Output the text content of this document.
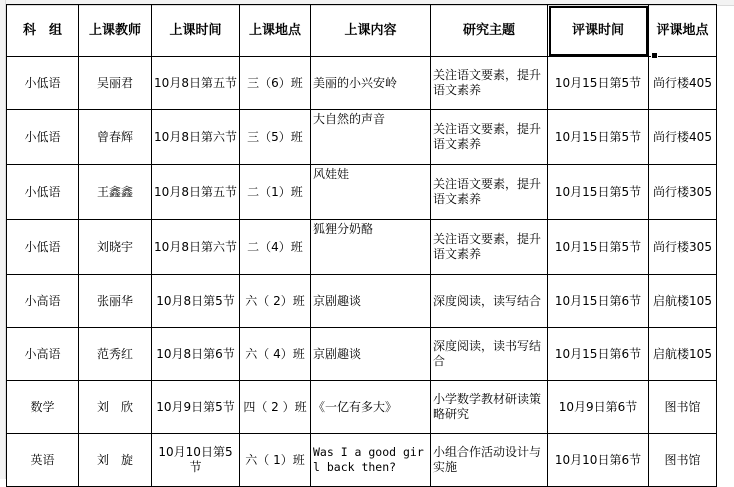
科　组	上课教师	上课时间	上课地点	上课内容	研究主题	评课时间	评课地点
小低语	吴丽君	10月8日第五节	三（6）班	美丽的小兴安岭	关注语文要素，提升语文素养	10月15日第5节	尚行楼405
小低语	曾春辉	10月8日第六节	三（5）班	大自然的声音	关注语文要素，提升语文素养	10月15日第5节	尚行楼405
小低语	王鑫鑫	10月8日第五节	二（1）班	风娃娃	关注语文要素，提升语文素养	10月15日第5节	尚行楼305
小低语	刘晓宇	10月8日第六节	二（4）班	狐狸分奶酪	关注语文要素，提升语文素养	10月15日第5节	尚行楼305
小高语	张丽华	10月8日第5节	六（ 2）班	京剧趣谈	深度阅读，读写结合	10月15日第6节	启航楼105
小高语	范秀红	10月8日第6节	六（ 4）班	京剧趣谈	深度阅读，读书写结合	10月15日第6节	启航楼105
数学	刘　欣	10月9日第5节	四（ 2 ）班	《一亿有多大》	小学数学教材研读策略研究	10月9日第6节	图书馆
英语	刘　旋	10月10日第5节	六（ 1）班	Was I a good girl back then?	小组合作活动设计与实施	10月10日第6节	图书馆
